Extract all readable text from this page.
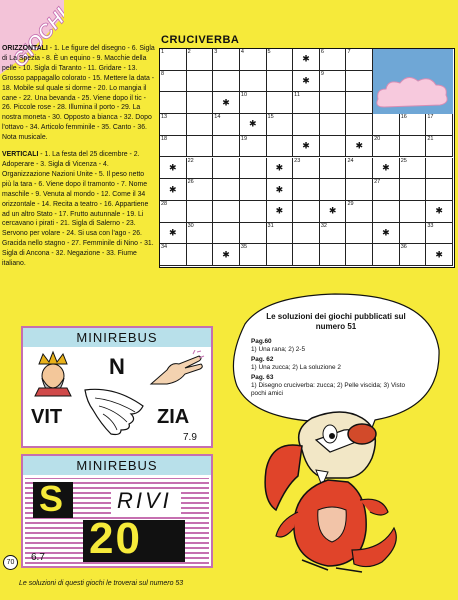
GIOCHI

ORIZZONTALI - 1. Le figure del disegno - 6. Sigla di La Spezia - 8. È un equino - 9. Macchie della pelle - 10. Sigla di Taranto - 11. Gridare - 13. Grosso pappagallo colorato - 15. Mettere la data - 18. Mobile sul quale si dorme - 20. Lo mangia il cane - 22. Una bevanda - 25. Viene dopo il tic - 26. Piccole rose - 28. Illumina il porto - 29. La nostra moneta - 30. Opposto a bianca - 32. Dopo l'ottavo - 34. Articolo femminile - 35. Canto - 36. Nota musicale.

VERTICALI - 1. La festa del 25 dicembre - 2. Adoperare - 3. Sigla di Vicenza - 4. Organizzazione Nazioni Unite - 5. Il peso netto più la tara - 6. Viene dopo il tramonto - 7. Nome maschile - 9. Venuta al mondo - 12. Come il 34 orizzontale - 14. Recita a teatro - 16. Appartiene ad un altro Stato - 17. Frutto autunnale - 19. Li cercavano i pirati - 21. Sigla di Salerno - 23. Servono per volare - 24. Si usa con l'ago - 26. Gracida nello stagno - 27. Femminile di Nino - 31. Sigla di Ancona - 32. Negazione - 33. Fiume italiano.

CRUCIVERBA
1	2	3	4	5
✱
6	7
8
✱
9
✱
10	11
13	14
✱
15	16	17
18	19
✱	✱
20	21
✱
22
✱
23	24
✱
25
✱
26
✱
27
28
✱	✱
29
✱
✱
30	31	32
✱
33
34
✱
35	36
✱
MINIREBUS
N
VIT	ZIA
7.9
MINIREBUS
S RIVI
20
6.7
Le soluzioni dei giochi pubblicati sul numero 51
Pag.60
1) Una rana; 2) 2-5
Pag. 62
1) Una zucca; 2) La soluzione 2
Pag. 63
1) Disegno cruciverba: zucca; 2) Pelle viscida; 3) Visto pochi amici
70
Le soluzioni di questi giochi le troverai sul numero 53
